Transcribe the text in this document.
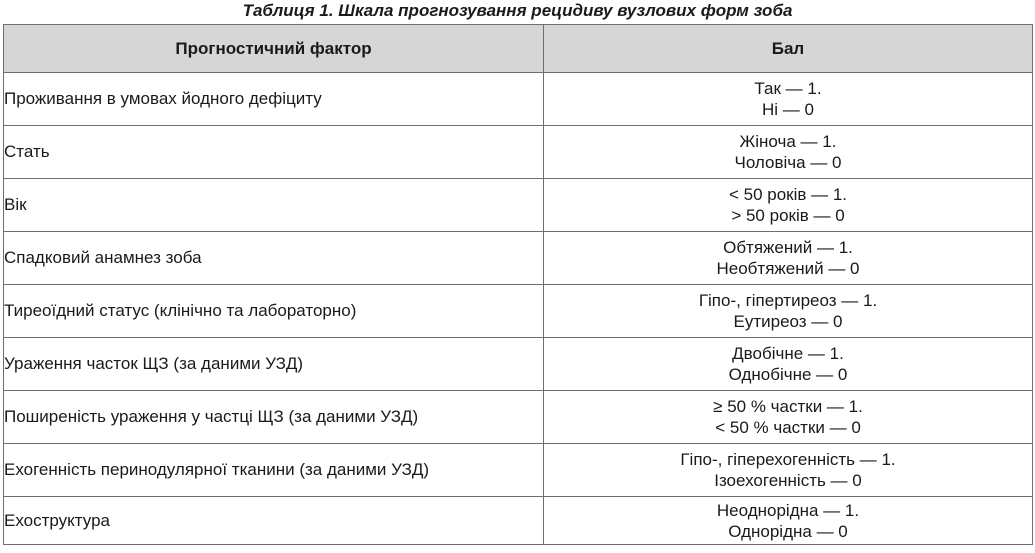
Таблиця 1. Шкала прогнозування рецидиву вузлових форм зоба
Прогностичний фактор	Бал
Проживання в умовах йодного дефіциту	Так — 1.
Ні — 0

Стать	Жіноча — 1.
Чоловіча — 0

Вік	< 50 років — 1.
> 50 років — 0

Спадковий анамнез зоба	Обтяжений — 1.
Необтяжений — 0

Тиреоїдний статус (клінічно та лабораторно)	Гіпо-, гіпертиреоз — 1.
Еутиреоз — 0

Ураження часток ЩЗ (за даними УЗД)	Двобічне — 1.
Однобічне — 0

Поширеність ураження у частці ЩЗ (за даними УЗД)	≥ 50 % частки — 1.
< 50 % частки — 0

Ехогенність перинодулярної тканини (за даними УЗД)	Гіпо-, гіперехогенність — 1.
Ізоехогенність — 0

Ехоструктура	Неоднорідна — 1.
Однорідна — 0
